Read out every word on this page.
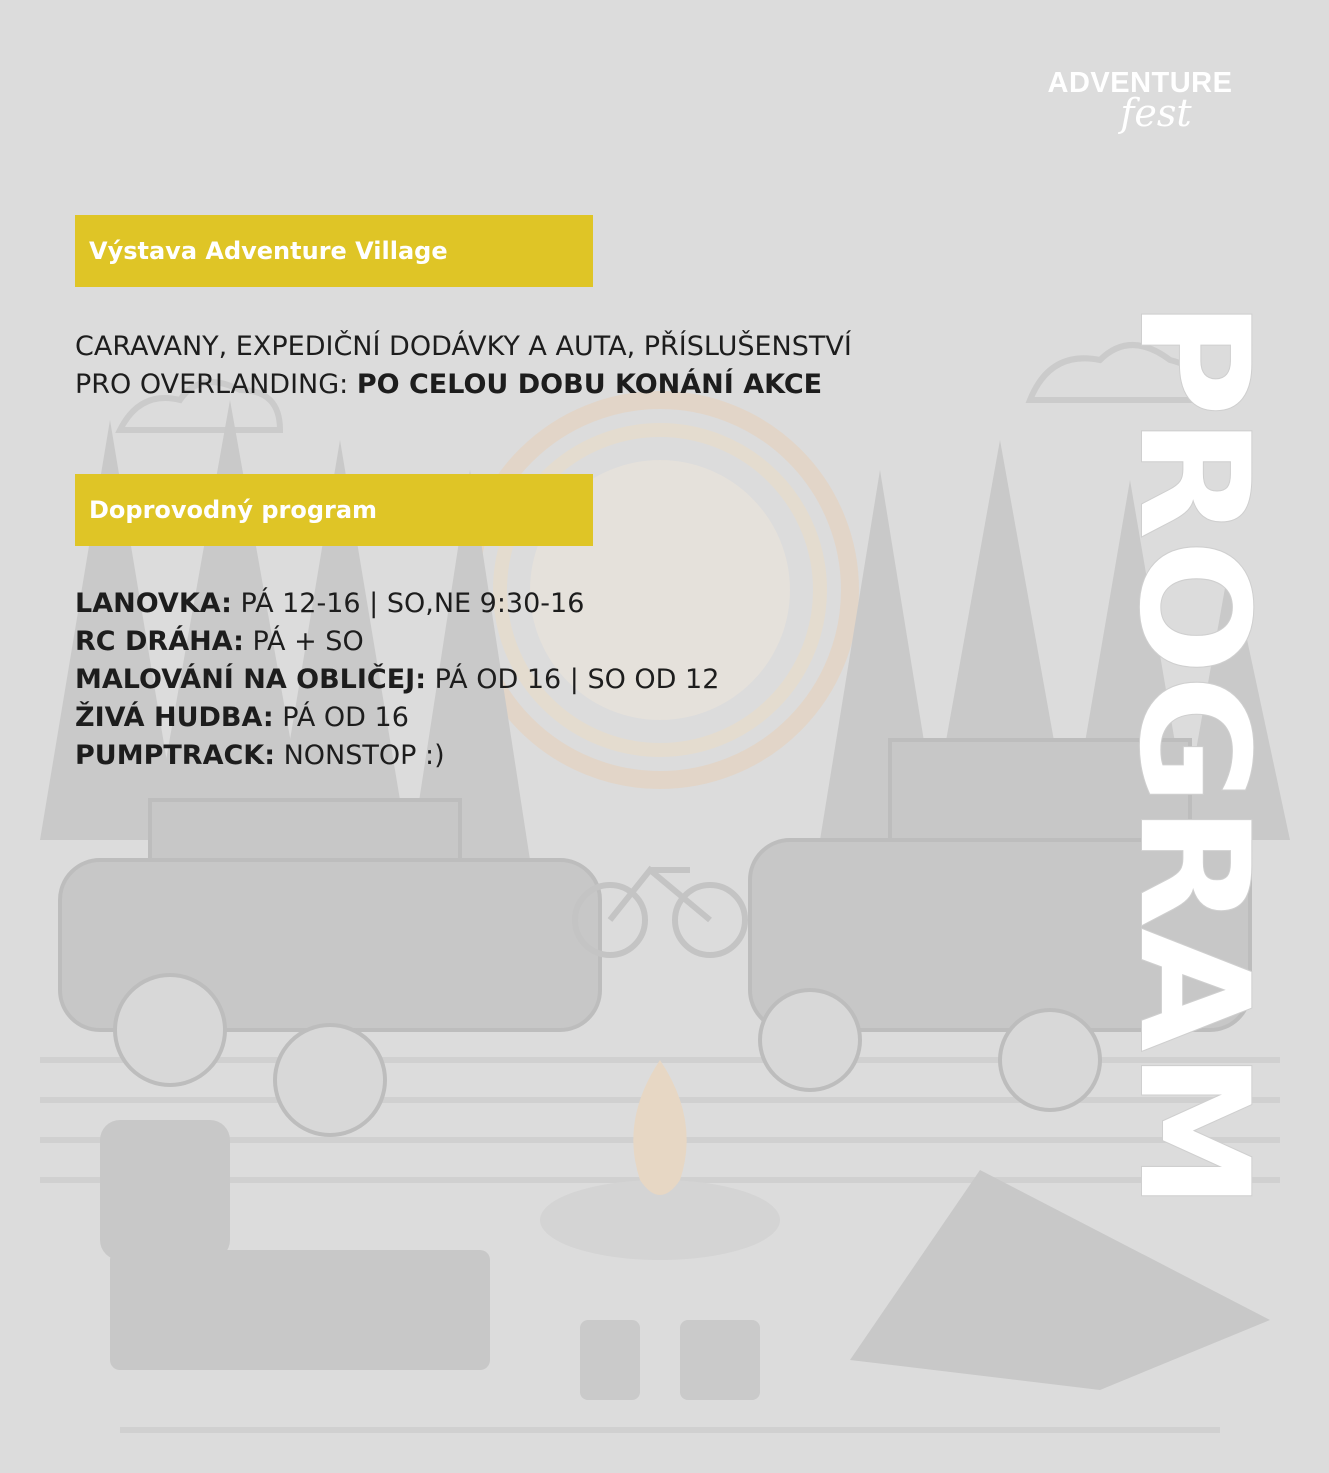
ADVENTURE
fest
Výstava Adventure Village
CARAVANY, EXPEDIČNÍ DODÁVKY A AUTA, PŘÍSLUŠENSTVÍ
PRO OVERLANDING: PO CELOU DOBU KONÁNÍ AKCE
Doprovodný program
LANOVKA: PÁ 12-16 | SO,NE 9:30-16
RC DRÁHA: PÁ + SO
MALOVÁNÍ NA OBLIČEJ: PÁ OD 16 | SO OD 12
ŽIVÁ HUDBA: PÁ OD 16
PUMPTRACK: NONSTOP :)	PROGRAM
